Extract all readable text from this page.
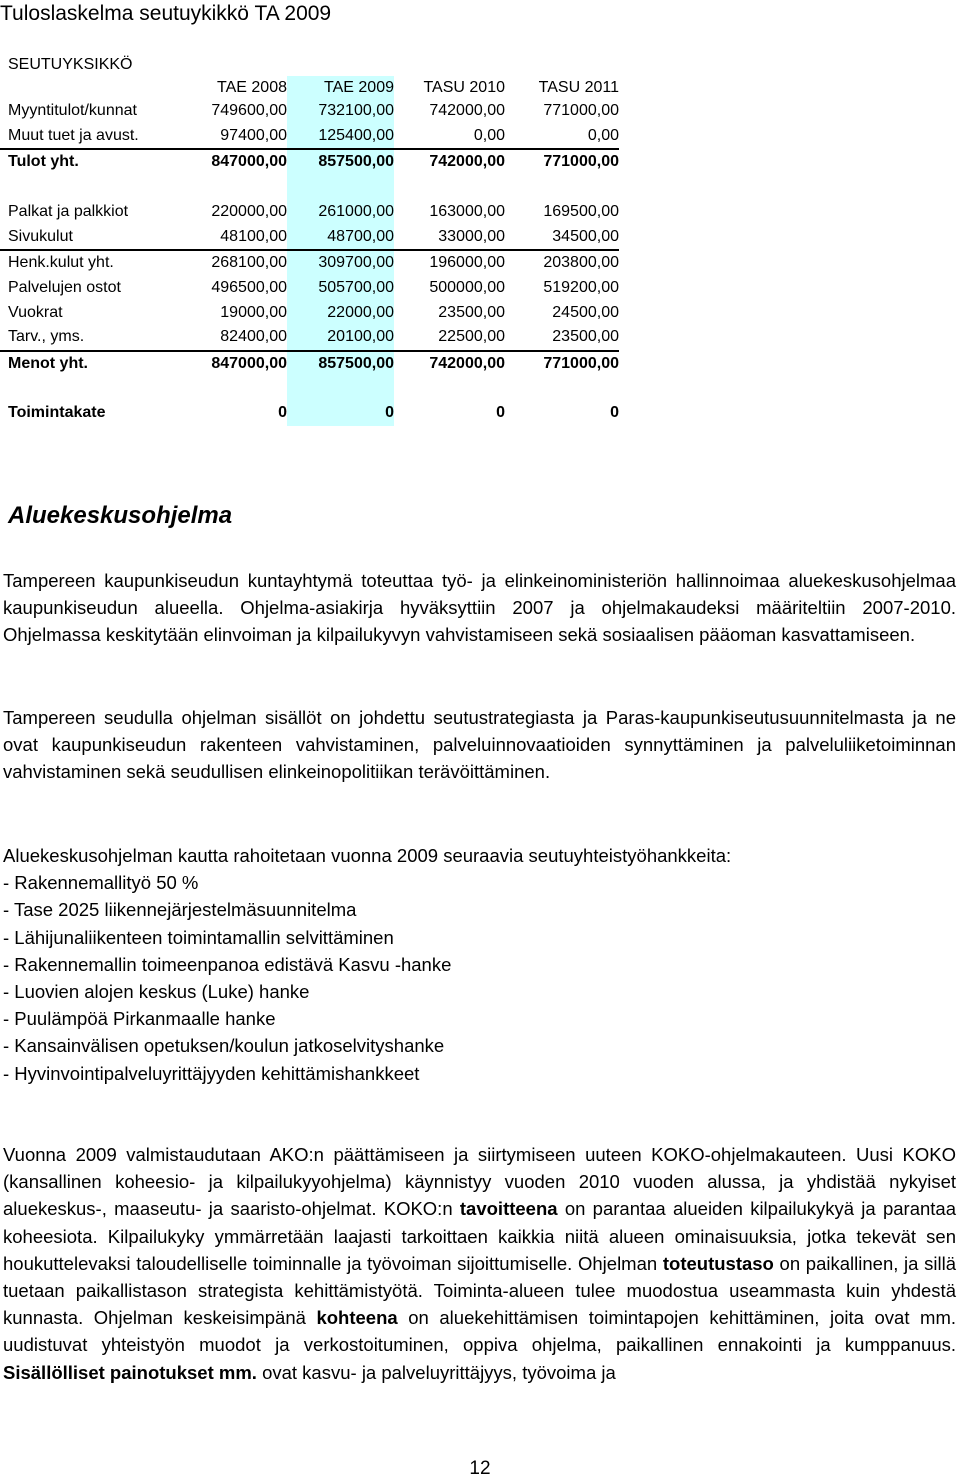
Tuloslaskelma seutuykikkö TA 2009
SEUTUYKSIKKÖ
	TAE 2008	TAE 2009	TASU 2010	TASU 2011
Myyntitulot/kunnat	749600,00	732100,00	742000,00	771000,00
Muut tuet ja avust.	97400,00	125400,00	0,00	0,00
Tulot yht.	847000,00	857500,00	742000,00	771000,00

Palkat ja palkkiot	220000,00	261000,00	163000,00	169500,00
Sivukulut	48100,00	48700,00	33000,00	34500,00
Henk.kulut yht.	268100,00	309700,00	196000,00	203800,00
Palvelujen ostot	496500,00	505700,00	500000,00	519200,00
Vuokrat	19000,00	22000,00	23500,00	24500,00
Tarv., yms.	82400,00	20100,00	22500,00	23500,00
Menot yht.	847000,00	857500,00	742000,00	771000,00

Toimintakate	0	0	0	0
Aluekeskusohjelma

Tampereen kaupunkiseudun kuntayhtymä toteuttaa työ- ja elinkeinoministeriön hallinnoimaa aluekeskusohjelmaa kaupunkiseudun alueella. Ohjelma-asiakirja hyväksyttiin 2007 ja ohjelmakaudeksi määriteltiin 2007-2010. Ohjelmassa keskitytään elinvoiman ja kilpailukyvyn vahvistamiseen sekä sosiaalisen pääoman kasvattamiseen.

Tampereen seudulla ohjelman sisällöt on johdettu seutustrategiasta ja Paras-kaupunkiseutusuunnitelmasta ja ne ovat kaupunkiseudun rakenteen vahvistaminen, palveluinnovaatioiden synnyttäminen ja palveluliiketoiminnan vahvistaminen sekä seudullisen elinkeinopolitiikan terävöittäminen.

Aluekeskusohjelman kautta rahoitetaan vuonna 2009 seuraavia seutuyhteistyöhankkeita:

- Rakennemallityö 50 %
- Tase 2025 liikennejärjestelmäsuunnitelma
- Lähijunaliikenteen toimintamallin selvittäminen
- Rakennemallin toimeenpanoa edistävä Kasvu -hanke
- Luovien alojen keskus (Luke) hanke
- Puulämpöä Pirkanmaalle hanke
- Kansainvälisen opetuksen/koulun jatkoselvityshanke
- Hyvinvointipalveluyrittäjyyden kehittämishankkeet

Vuonna 2009 valmistaudutaan AKO:n päättämiseen ja siirtymiseen uuteen KOKO-ohjelmakauteen. Uusi KOKO (kansallinen koheesio- ja kilpailukyyohjelma) käynnistyy vuoden 2010 vuoden alussa, ja yhdistää nykyiset aluekeskus-, maaseutu- ja saaristo-ohjelmat. KOKO:n tavoitteena on parantaa alueiden kilpailukykyä ja parantaa koheesiota. Kilpailukyky ymmärretään laajasti tarkoittaen kaikkia niitä alueen ominaisuuksia, jotka tekevät sen houkuttelevaksi taloudelliselle toiminnalle ja työvoiman sijoittumiselle. Ohjelman toteutustaso on paikallinen, ja sillä tuetaan paikallistason strategista kehittämistyötä. Toiminta-alueen tulee muodostua useammasta kuin yhdestä kunnasta. Ohjelman keskeisimpänä kohteena on aluekehittämisen toimintapojen kehittäminen, joita ovat mm. uudistuvat yhteistyön muodot ja verkostoituminen, oppiva ohjelma, paikallinen ennakointi ja kumppanuus. Sisällölliset painotukset mm. ovat kasvu- ja palveluyrittäjyys, työvoima ja

12
